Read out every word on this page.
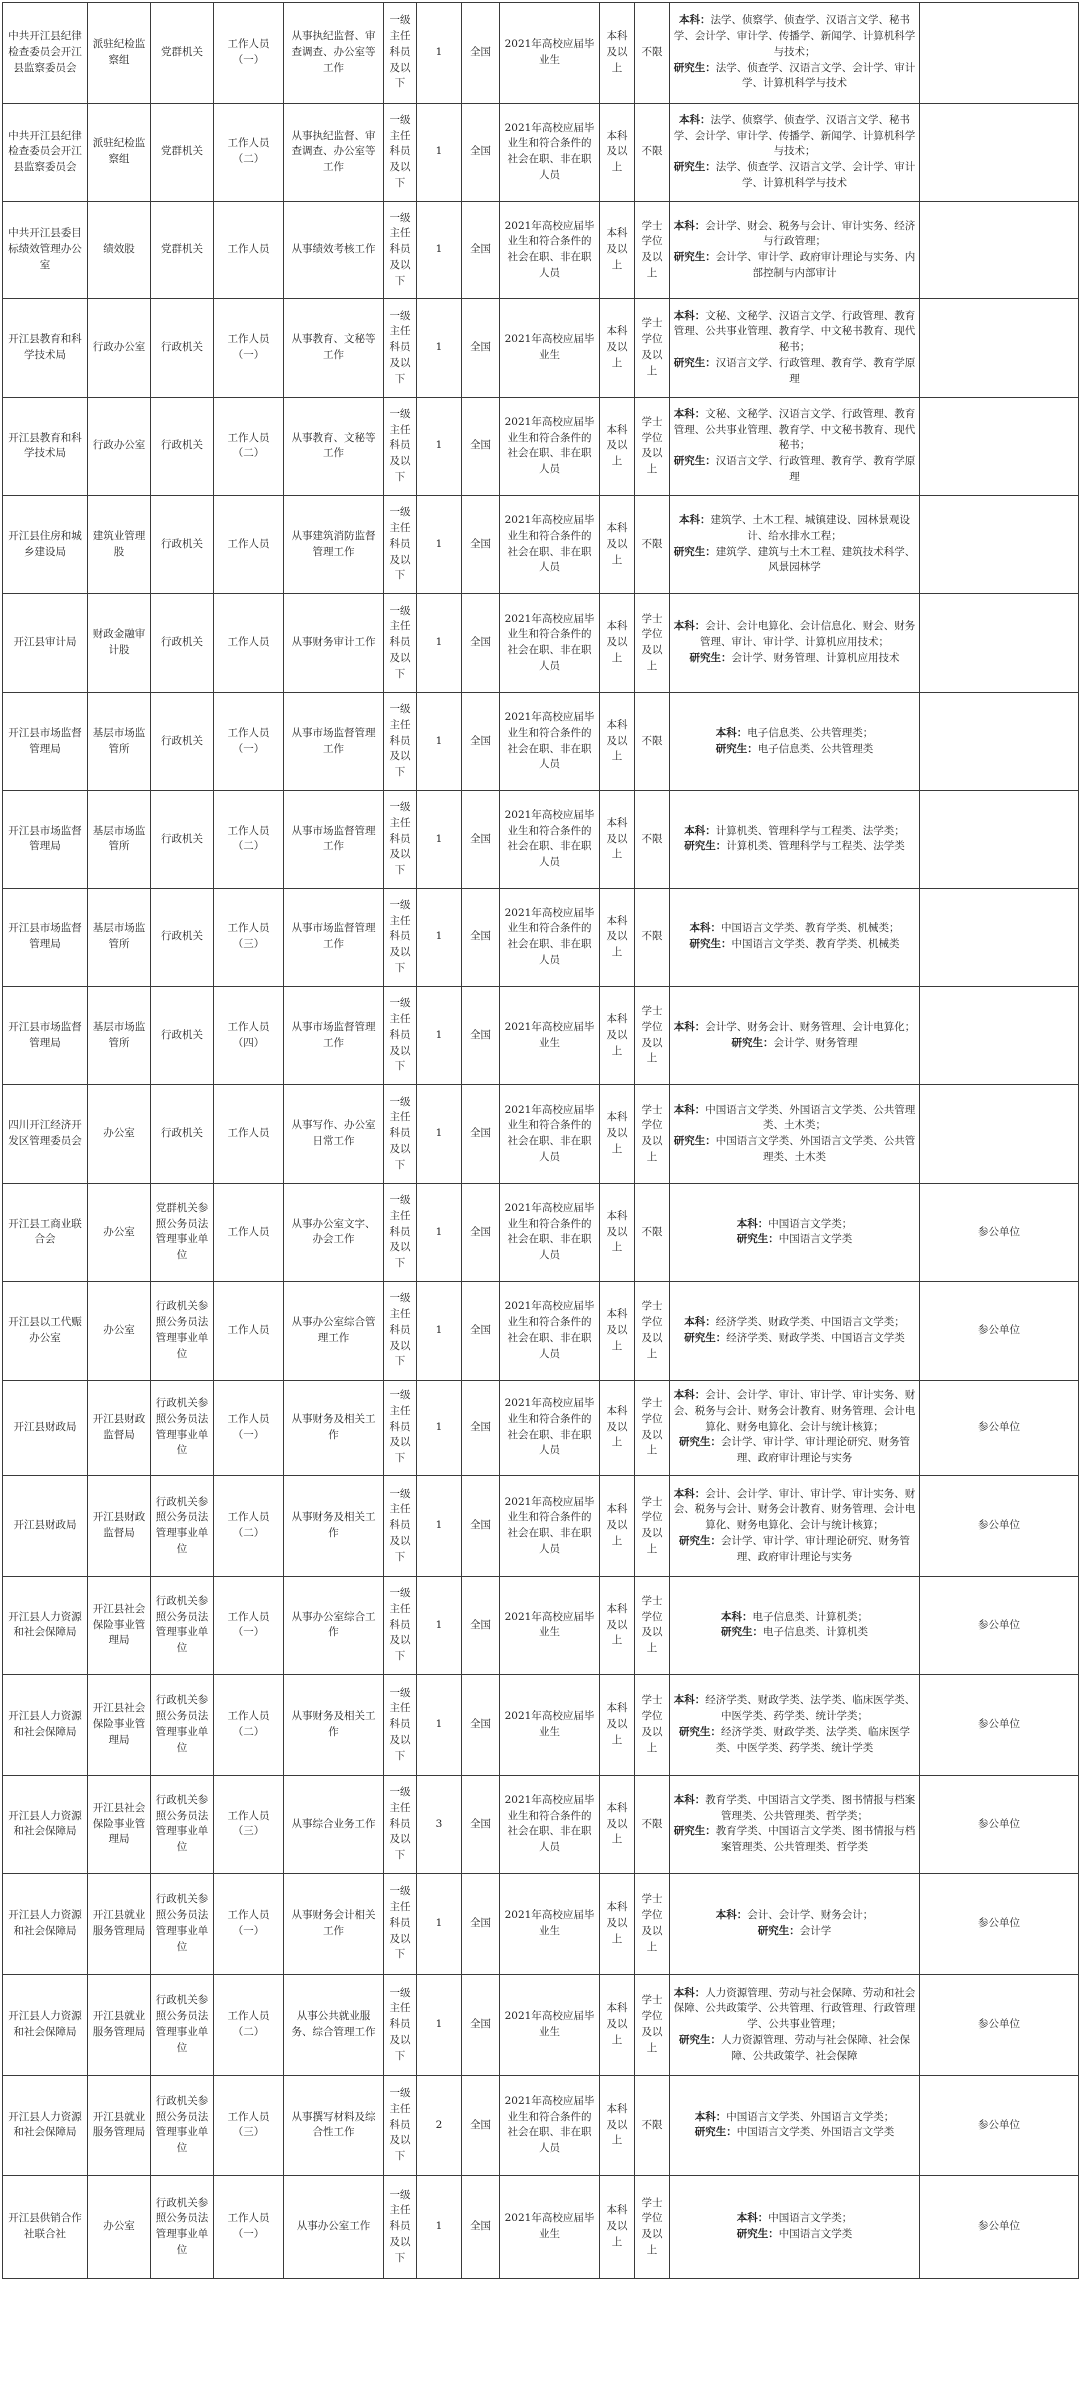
中共开江县纪律检查委员会开江县监察委员会	派驻纪检监察组	党群机关	工作人员（一）	从事执纪监督、审查调查、办公室等工作	一级主任科员及以下	1	全国	2021年高校应届毕业生	本科及以上	不限	本科：法学、侦察学、侦查学、汉语言文学、秘书学、会计学、审计学、传播学、新闻学、计算机科学与技术；
研究生：法学、侦查学、汉语言文学、会计学、审计学、计算机科学与技术	

中共开江县纪律检查委员会开江县监察委员会	派驻纪检监察组	党群机关	工作人员（二）	从事执纪监督、审查调查、办公室等工作	一级主任科员及以下	1	全国	2021年高校应届毕业生和符合条件的社会在职、非在职人员	本科及以上	不限	本科：法学、侦察学、侦查学、汉语言文学、秘书学、会计学、审计学、传播学、新闻学、计算机科学与技术；
研究生：法学、侦查学、汉语言文学、会计学、审计学、计算机科学与技术	

中共开江县委目标绩效管理办公室	绩效股	党群机关	工作人员	从事绩效考核工作	一级主任科员及以下	1	全国	2021年高校应届毕业生和符合条件的社会在职、非在职人员	本科及以上	学士学位及以上	本科：会计学、财会、税务与会计、审计实务、经济与行政管理；
研究生：会计学、审计学、政府审计理论与实务、内部控制与内部审计	

开江县教育和科学技术局	行政办公室	行政机关	工作人员（一）	从事教育、文秘等工作	一级主任科员及以下	1	全国	2021年高校应届毕业生	本科及以上	学士学位及以上	本科：文秘、文秘学、汉语言文学、行政管理、教育管理、公共事业管理、教育学、中文秘书教育、现代秘书；
研究生：汉语言文学、行政管理、教育学、教育学原理	

开江县教育和科学技术局	行政办公室	行政机关	工作人员（二）	从事教育、文秘等工作	一级主任科员及以下	1	全国	2021年高校应届毕业生和符合条件的社会在职、非在职人员	本科及以上	学士学位及以上	本科：文秘、文秘学、汉语言文学、行政管理、教育管理、公共事业管理、教育学、中文秘书教育、现代秘书；
研究生：汉语言文学、行政管理、教育学、教育学原理	

开江县住房和城乡建设局	建筑业管理股	行政机关	工作人员	从事建筑消防监督管理工作	一级主任科员及以下	1	全国	2021年高校应届毕业生和符合条件的社会在职、非在职人员	本科及以上	不限	本科：建筑学、土木工程、城镇建设、园林景观设计、给水排水工程；
研究生：建筑学、建筑与土木工程、建筑技术科学、风景园林学	

开江县审计局	财政金融审计股	行政机关	工作人员	从事财务审计工作	一级主任科员及以下	1	全国	2021年高校应届毕业生和符合条件的社会在职、非在职人员	本科及以上	学士学位及以上	本科：会计、会计电算化、会计信息化、财会、财务管理、审计、审计学、计算机应用技术；
研究生：会计学、财务管理、计算机应用技术	

开江县市场监督管理局	基层市场监管所	行政机关	工作人员（一）	从事市场监督管理工作	一级主任科员及以下	1	全国	2021年高校应届毕业生和符合条件的社会在职、非在职人员	本科及以上	不限	本科：电子信息类、公共管理类；
研究生：电子信息类、公共管理类	

开江县市场监督管理局	基层市场监管所	行政机关	工作人员（二）	从事市场监督管理工作	一级主任科员及以下	1	全国	2021年高校应届毕业生和符合条件的社会在职、非在职人员	本科及以上	不限	本科：计算机类、管理科学与工程类、法学类；
研究生：计算机类、管理科学与工程类、法学类	

开江县市场监督管理局	基层市场监管所	行政机关	工作人员（三）	从事市场监督管理工作	一级主任科员及以下	1	全国	2021年高校应届毕业生和符合条件的社会在职、非在职人员	本科及以上	不限	本科：中国语言文学类、教育学类、机械类；
研究生：中国语言文学类、教育学类、机械类	

开江县市场监督管理局	基层市场监管所	行政机关	工作人员（四）	从事市场监督管理工作	一级主任科员及以下	1	全国	2021年高校应届毕业生	本科及以上	学士学位及以上	本科：会计学、财务会计、财务管理、会计电算化；
研究生：会计学、财务管理	

四川开江经济开发区管理委员会	办公室	行政机关	工作人员	从事写作、办公室日常工作	一级主任科员及以下	1	全国	2021年高校应届毕业生和符合条件的社会在职、非在职人员	本科及以上	学士学位及以上	本科：中国语言文学类、外国语言文学类、公共管理类、土木类；
研究生：中国语言文学类、外国语言文学类、公共管理类、土木类	

开江县工商业联合会	办公室	党群机关参照公务员法管理事业单位	工作人员	从事办公室文字、办会工作	一级主任科员及以下	1	全国	2021年高校应届毕业生和符合条件的社会在职、非在职人员	本科及以上	不限	本科：中国语言文学类；
研究生：中国语言文学类	参公单位
开江县以工代赈办公室	办公室	行政机关参照公务员法管理事业单位	工作人员	从事办公室综合管理工作	一级主任科员及以下	1	全国	2021年高校应届毕业生和符合条件的社会在职、非在职人员	本科及以上	学士学位及以上	本科：经济学类、财政学类、中国语言文学类；
研究生：经济学类、财政学类、中国语言文学类	参公单位
开江县财政局	开江县财政监督局	行政机关参照公务员法管理事业单位	工作人员（一）	从事财务及相关工作	一级主任科员及以下	1	全国	2021年高校应届毕业生和符合条件的社会在职、非在职人员	本科及以上	学士学位及以上	本科：会计、会计学、审计、审计学、审计实务、财会、税务与会计、财务会计教育、财务管理、会计电算化、财务电算化、会计与统计核算；
研究生：会计学、审计学、审计理论研究、财务管理、政府审计理论与实务	参公单位
开江县财政局	开江县财政监督局	行政机关参照公务员法管理事业单位	工作人员（二）	从事财务及相关工作	一级主任科员及以下	1	全国	2021年高校应届毕业生和符合条件的社会在职、非在职人员	本科及以上	学士学位及以上	本科：会计、会计学、审计、审计学、审计实务、财会、税务与会计、财务会计教育、财务管理、会计电算化、财务电算化、会计与统计核算；
研究生：会计学、审计学、审计理论研究、财务管理、政府审计理论与实务	参公单位
开江县人力资源和社会保障局	开江县社会保险事业管理局	行政机关参照公务员法管理事业单位	工作人员（一）	从事办公室综合工作	一级主任科员及以下	1	全国	2021年高校应届毕业生	本科及以上	学士学位及以上	本科：电子信息类、计算机类；
研究生：电子信息类、计算机类	参公单位
开江县人力资源和社会保障局	开江县社会保险事业管理局	行政机关参照公务员法管理事业单位	工作人员（二）	从事财务及相关工作	一级主任科员及以下	1	全国	2021年高校应届毕业生	本科及以上	学士学位及以上	本科：经济学类、财政学类、法学类、临床医学类、中医学类、药学类、统计学类；
研究生：经济学类、财政学类、法学类、临床医学类、中医学类、药学类、统计学类	参公单位
开江县人力资源和社会保障局	开江县社会保险事业管理局	行政机关参照公务员法管理事业单位	工作人员（三）	从事综合业务工作	一级主任科员及以下	3	全国	2021年高校应届毕业生和符合条件的社会在职、非在职人员	本科及以上	不限	本科：教育学类、中国语言文学类、图书情报与档案管理类、公共管理类、哲学类；
研究生：教育学类、中国语言文学类、图书情报与档案管理类、公共管理类、哲学类	参公单位
开江县人力资源和社会保障局	开江县就业服务管理局	行政机关参照公务员法管理事业单位	工作人员（一）	从事财务会计相关工作	一级主任科员及以下	1	全国	2021年高校应届毕业生	本科及以上	学士学位及以上	本科：会计、会计学、财务会计；
研究生：会计学	参公单位
开江县人力资源和社会保障局	开江县就业服务管理局	行政机关参照公务员法管理事业单位	工作人员（二）	从事公共就业服务、综合管理工作	一级主任科员及以下	1	全国	2021年高校应届毕业生	本科及以上	学士学位及以上	本科：人力资源管理、劳动与社会保障、劳动和社会保障、公共政策学、公共管理、行政管理、行政管理学、公共事业管理；
研究生：人力资源管理、劳动与社会保障、社会保障、公共政策学、社会保障	参公单位
开江县人力资源和社会保障局	开江县就业服务管理局	行政机关参照公务员法管理事业单位	工作人员（三）	从事撰写材料及综合性工作	一级主任科员及以下	2	全国	2021年高校应届毕业生和符合条件的社会在职、非在职人员	本科及以上	不限	本科：中国语言文学类、外国语言文学类；
研究生：中国语言文学类、外国语言文学类	参公单位
开江县供销合作社联合社	办公室	行政机关参照公务员法管理事业单位	工作人员（一）	从事办公室工作	一级主任科员及以下	1	全国	2021年高校应届毕业生	本科及以上	学士学位及以上	本科：中国语言文学类；
研究生：中国语言文学类	参公单位
